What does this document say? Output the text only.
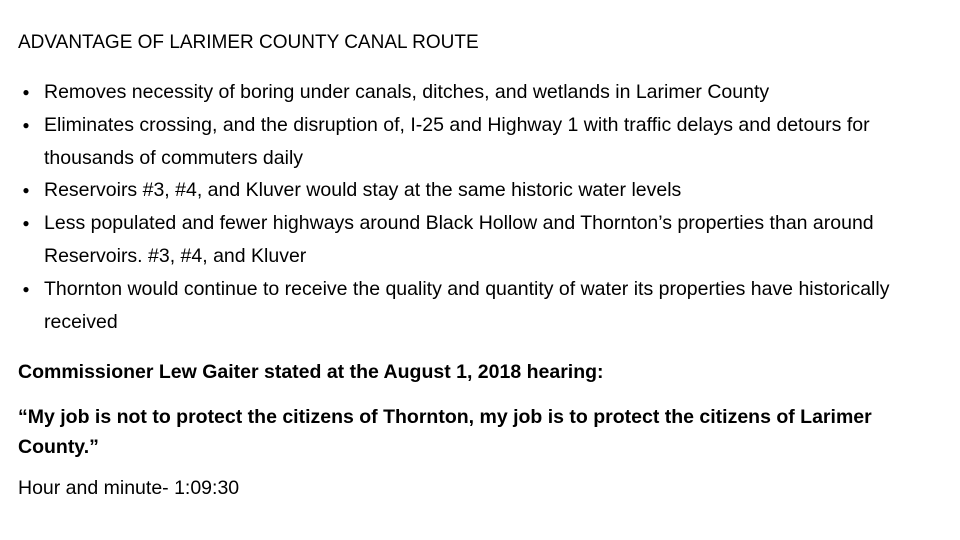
ADVANTAGE OF LARIMER COUNTY CANAL ROUTE
● Removes necessity of boring under canals, ditches, and wetlands in Larimer County
● Eliminates crossing, and the disruption of, I-25 and Highway 1 with traffic delays and detours for thousands of commuters daily
● Reservoirs #3, #4, and Kluver would stay at the same historic water levels
● Less populated and fewer highways around Black Hollow and Thornton’s properties than around Reservoirs. #3, #4, and Kluver
● Thornton would continue to receive the quality and quantity of water its properties have historically received

Commissioner Lew Gaiter stated at the August 1, 2018 hearing:

“My job is not to protect the citizens of Thornton, my job is to protect the citizens of Larimer County.”

Hour and minute- 1:09:30
